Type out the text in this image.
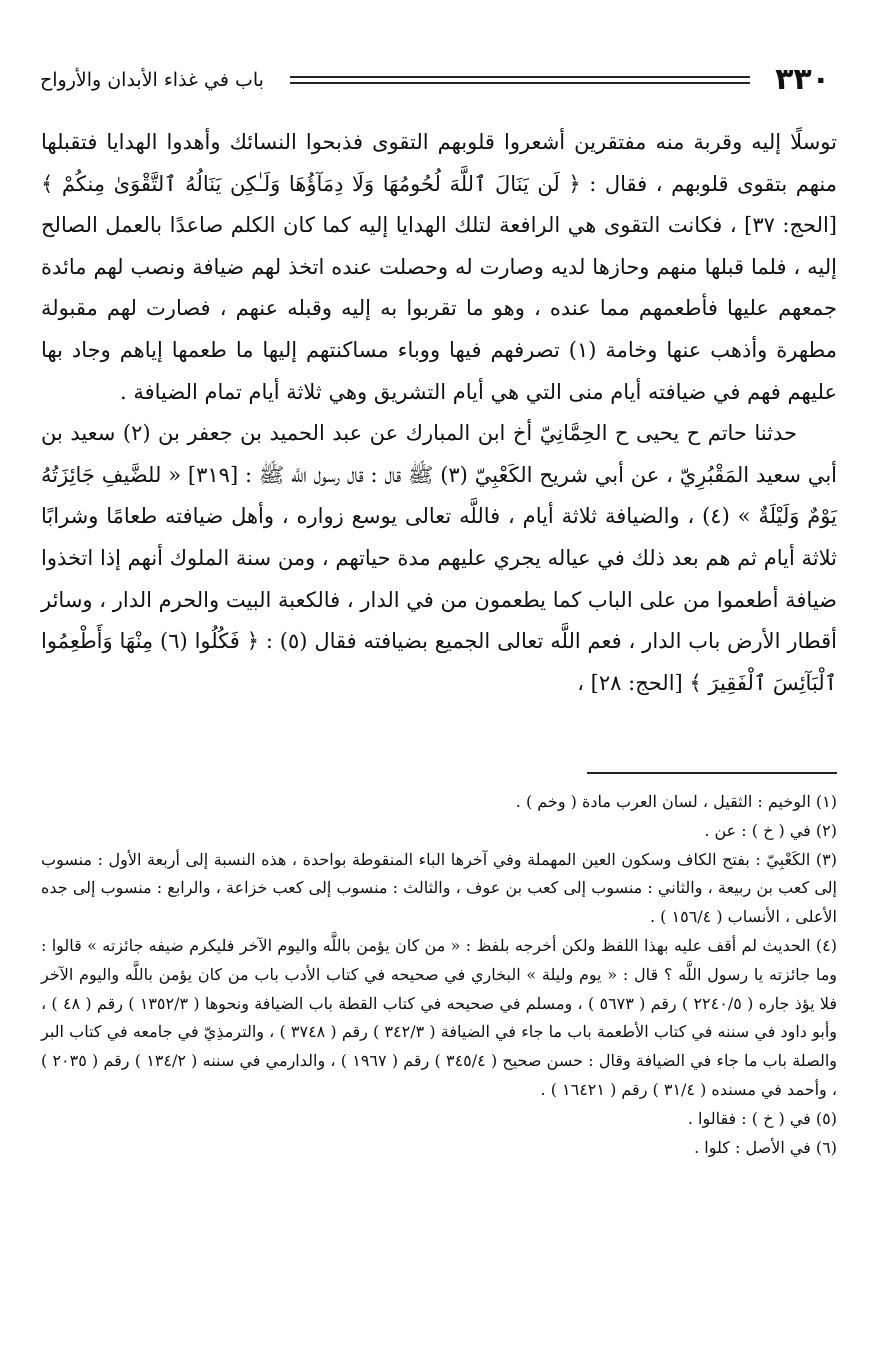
٣٣٠
باب في غذاء الأبدان والأرواح

توسلًا إليه وقربة منه مفتقرين أشعروا قلوبهم التقوى فذبحوا النسائك وأهدوا الهدايا فتقبلها منهم بتقوى قلوبهم ، فقال : ﴿ لَن يَنَالَ ٱللَّهَ لُحُومُهَا وَلَا دِمَآؤُهَا وَلَـٰكِن يَنَالُهُ ٱلتَّقْوَىٰ مِنكُمْ ﴾ [الحج: ٣٧] ، فكانت التقوى هي الرافعة لتلك الهدايا إليه كما كان الكلم صاعدًا بالعمل الصالح إليه ، فلما قبلها منهم وحازها لديه وصارت له وحصلت عنده اتخذ لهم ضيافة ونصب لهم مائدة جمعهم عليها فأطعمهم مما عنده ، وهو ما تقربوا به إليه وقبله عنهم ، فصارت لهم مقبولة مطهرة وأذهب عنها وخامة (١) تصرفهم فيها ووباء مساكنتهم إليها ما طعمها إياهم وجاد بها عليهم فهم في ضيافته أيام منى التي هي أيام التشريق وهي ثلاثة أيام تمام الضيافة .

حدثنا حاتم ح يحيى ح الحِمَّانِيّ أخ ابن المبارك عن عبد الحميد بن جعفر بن (٢) سعيد بن أبي سعيد المَقْبُرِيّ ، عن أبي شريح الكَعْبِيّ (٣) ﷺ قال : قال رسول اللَّه ﷺ : [٣١٩] « للضَّيفِ جَائِزَتُهُ يَوْمٌ وَلَيْلَةٌ » (٤) ، والضيافة ثلاثة أيام ، فاللَّه تعالى يوسع زواره ، وأهل ضيافته طعامًا وشرابًا ثلاثة أيام ثم هم بعد ذلك في عياله يجري عليهم مدة حياتهم ، ومن سنة الملوك أنهم إذا اتخذوا ضيافة أطعموا من على الباب كما يطعمون من في الدار ، فالكعبة البيت والحرم الدار ، وسائر أقطار الأرض باب الدار ، فعم اللَّه تعالى الجميع بضيافته فقال (٥) : ﴿ فَكُلُوا (٦) مِنْهَا وَأَطْعِمُوا ٱلْبَآئِسَ ٱلْفَقِيرَ ﴾ [الحج: ٢٨] ،

(١) الوخيم : الثقيل ، لسان العرب مادة ( وخم ) .

(٢) في ( خ ) : عن .

(٣) الكَعْبِيّ : بفتح الكاف وسكون العين المهملة وفي آخرها الباء المنقوطة بواحدة ، هذه النسبة إلى أربعة الأول : منسوب إلى كعب بن ربيعة ، والثاني : منسوب إلى كعب بن عوف ، والثالث : منسوب إلى كعب خزاعة ، والرابع : منسوب إلى جده الأعلى ، الأنساب ( ١٥٦/٤ ) .

(٤) الحديث لم أقف عليه بهذا اللفظ ولكن أخرجه بلفظ : « من كان يؤمن باللَّه واليوم الآخر فليكرم ضيفه جائزته » قالوا : وما جائزته يا رسول اللَّه ؟ قال : « يوم وليلة » البخاري في صحيحه في كتاب الأدب باب من كان يؤمن باللَّه واليوم الآخر فلا يؤذ جاره ( ٢٢٤٠/٥ ) رقم ( ٥٦٧٣ ) ، ومسلم في صحيحه في كتاب القطة باب الضيافة ونحوها ( ١٣٥٢/٣ ) رقم ( ٤٨ ) ، وأبو داود في سننه في كتاب الأطعمة باب ما جاء في الضيافة ( ٣٤٢/٣ ) رقم ( ٣٧٤٨ ) ، والترمذِيّ في جامعه في كتاب البر والصلة باب ما جاء في الضيافة وقال : حسن صحيح ( ٣٤٥/٤ ) رقم ( ١٩٦٧ ) ، والدارمي في سننه ( ١٣٤/٢ ) رقم ( ٢٠٣٥ ) ، وأحمد في مسنده ( ٣١/٤ ) رقم ( ١٦٤٢١ ) .

(٥) في ( خ ) : فقالوا .

(٦) في الأصل : كلوا .
